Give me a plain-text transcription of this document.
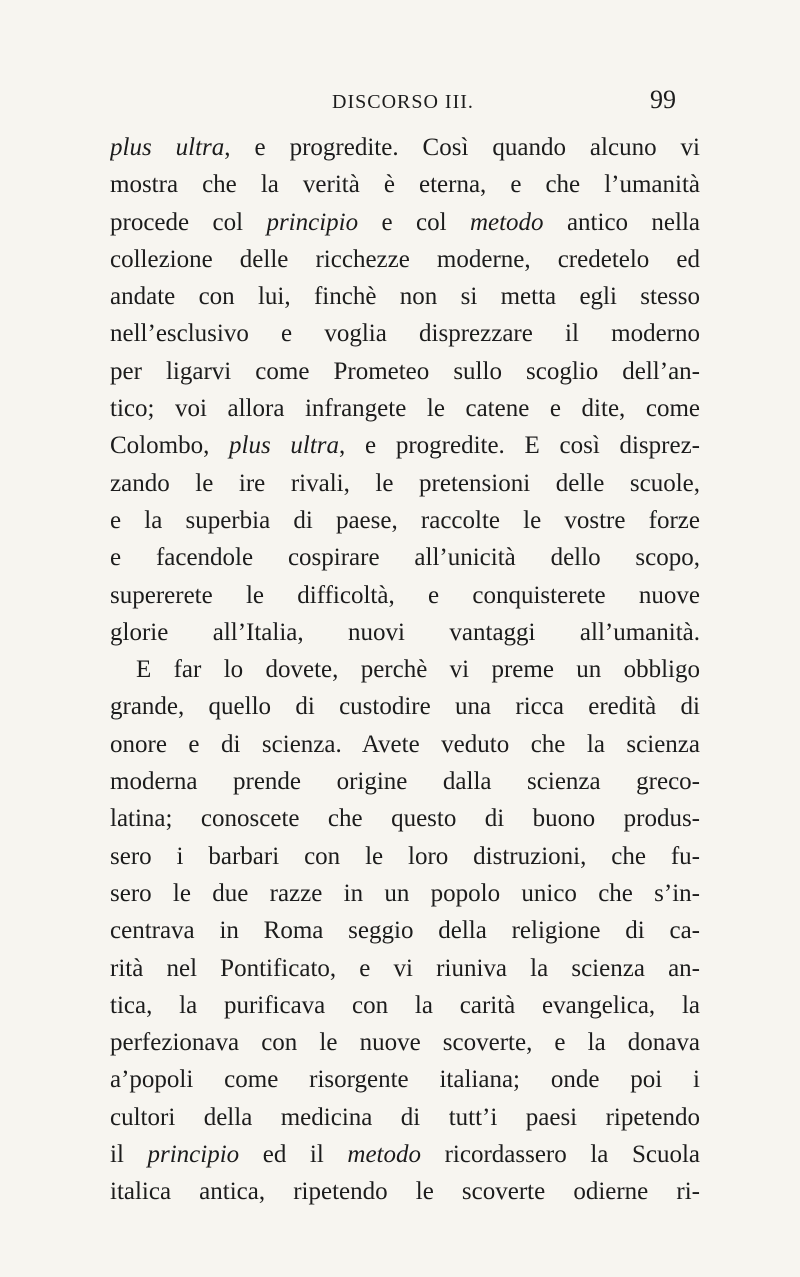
DISCORSO III.	99
plus ultra, e progredite. Così quando alcuno vi
mostra che la verità è eterna, e che l’umanità
procede col principio e col metodo antico nella
collezione delle ricchezze moderne, credetelo ed
andate con lui, finchè non si metta egli stesso
nell’esclusivo e voglia disprezzare il moderno
per ligarvi come Prometeo sullo scoglio dell’an-
tico; voi allora infrangete le catene e dite, come
Colombo, plus ultra, e progredite. E così disprez-
zando le ire rivali, le pretensioni delle scuole,
e la superbia di paese, raccolte le vostre forze
e facendole cospirare all’unicità dello scopo,
supererete le difficoltà, e conquisterete nuove
glorie all’Italia, nuovi vantaggi all’umanità.
E far lo dovete, perchè vi preme un obbligo
grande, quello di custodire una ricca eredità di
onore e di scienza. Avete veduto che la scienza
moderna prende origine dalla scienza greco-
latina; conoscete che questo di buono produs-
sero i barbari con le loro distruzioni, che fu-
sero le due razze in un popolo unico che s’in-
centrava in Roma seggio della religione di ca-
rità nel Pontificato, e vi riuniva la scienza an-
tica, la purificava con la carità evangelica, la
perfezionava con le nuove scoverte, e la donava
a’popoli come risorgente italiana; onde poi i
cultori della medicina di tutt’i paesi ripetendo
il principio ed il metodo ricordassero la Scuola
italica antica, ripetendo le scoverte odierne ri-
